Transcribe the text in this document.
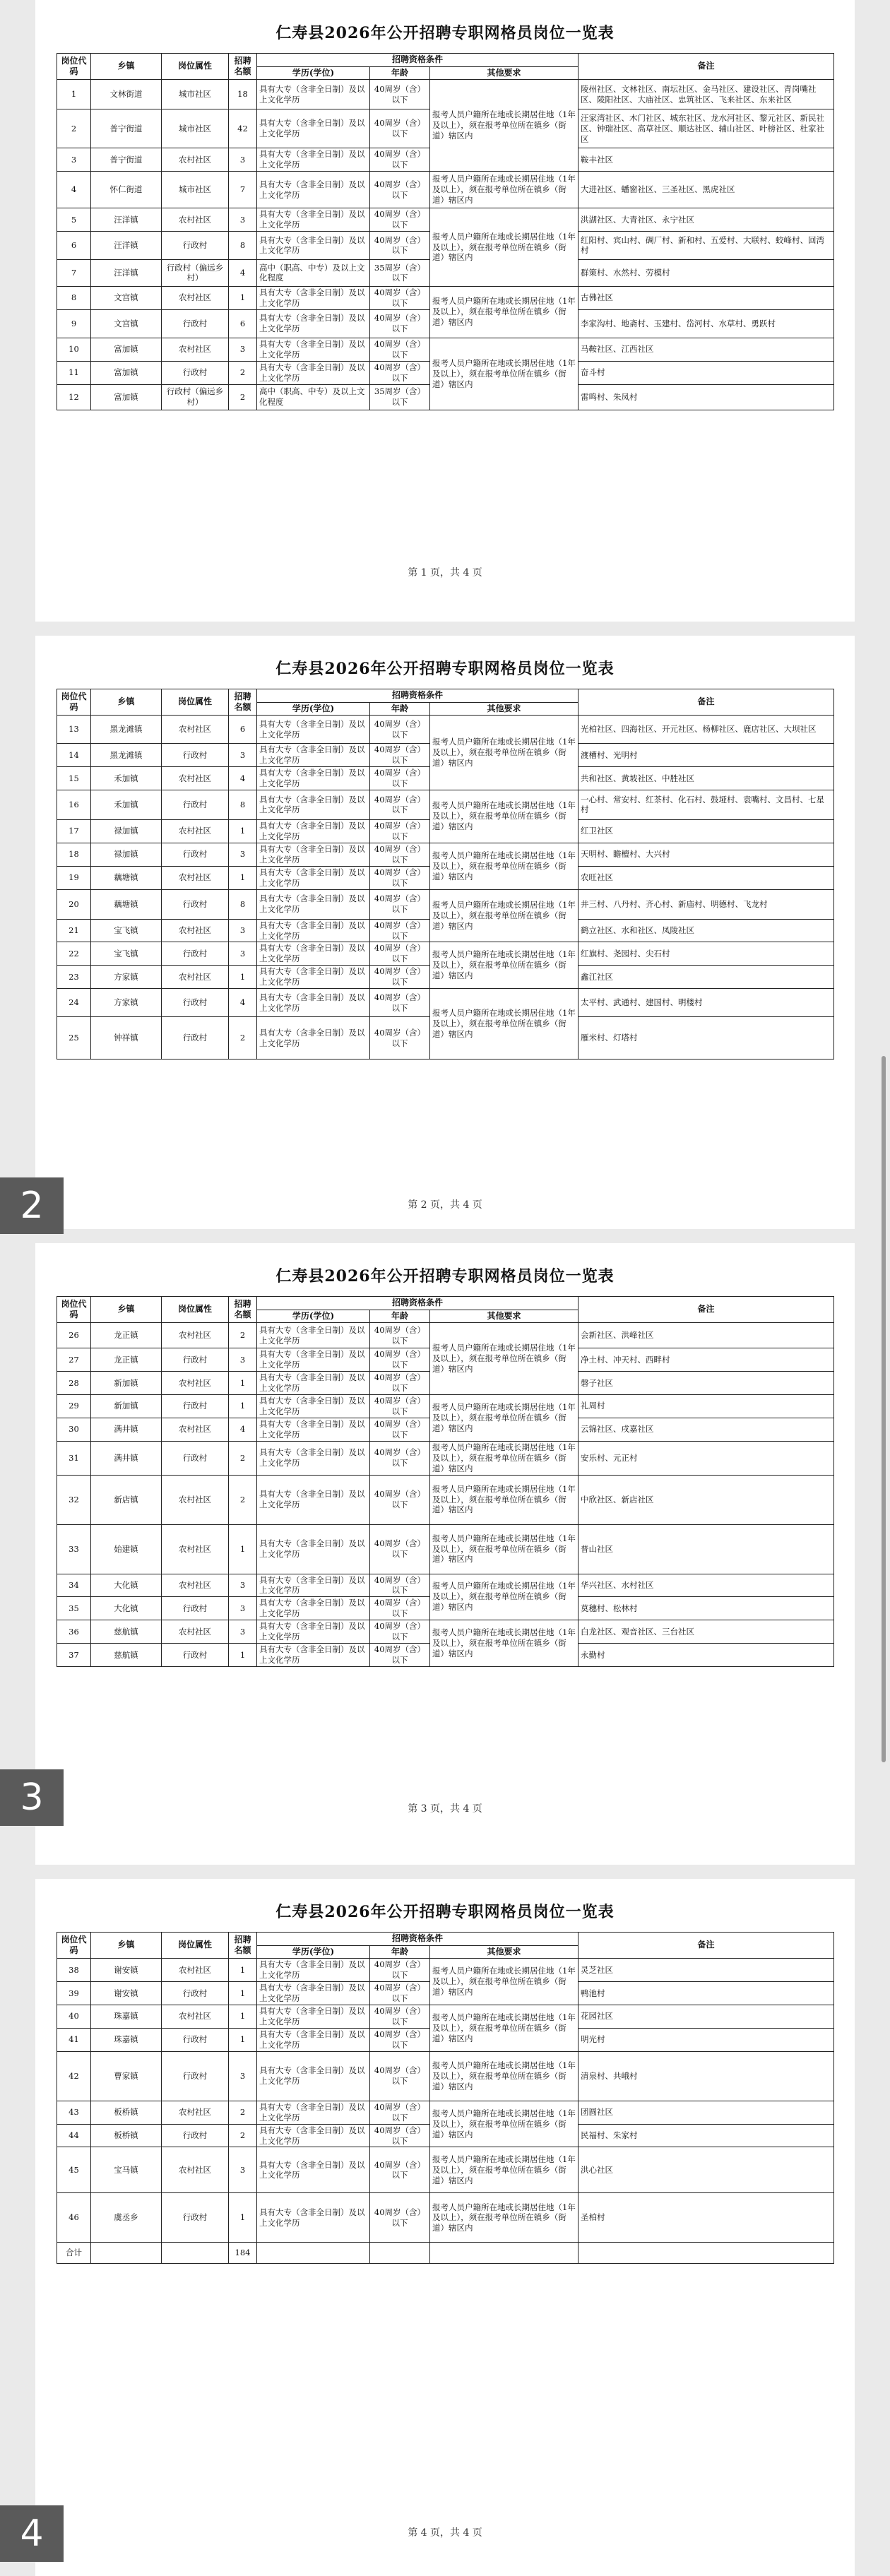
仁寿县2026年公开招聘专职网格员岗位一览表
岗位代码	乡镇	岗位属性	招聘名额	招聘资格条件			备注
				学历(学位)	年龄	其他要求	
1	文林街道	城市社区	18	具有大专（含非全日制）及以上文化学历	40周岁（含）以下	报考人员户籍所在地或长期居住地（1年及以上），须在报考单位所在镇乡（街道）辖区内	陵州社区、文林社区、南坛社区、金马社区、建设社区、青岗嘴社区、陵阳社区、大庙社区、忠筑社区、飞来社区、东来社区
2	普宁街道	城市社区	42	具有大专（含非全日制）及以上文化学历	40周岁（含）以下		汪家湾社区、木门社区、城东社区、龙水河社区、黎元社区、新民社区、钟瑞社区、高草社区、顺达社区、辅山社区、叶榜社区、杜家社区
3	普宁街道	农村社区	3	具有大专（含非全日制）及以上文化学历	40周岁（含）以下		鞍丰社区
4	怀仁街道	城市社区	7	具有大专（含非全日制）及以上文化学历	40周岁（含）以下	报考人员户籍所在地或长期居住地（1年及以上），须在报考单位所在镇乡（街道）辖区内	大进社区、蟠窗社区、三圣社区、黑虎社区
5	汪洋镇	农村社区	3	具有大专（含非全日制）及以上文化学历	40周岁（含）以下	报考人员户籍所在地或长期居住地（1年及以上），须在报考单位所在镇乡（街道）辖区内	洪湖社区、大青社区、永宁社区
6	汪洋镇	行政村	8	具有大专（含非全日制）及以上文化学历	40周岁（含）以下		红阳村、宾山村、碉厂村、新和村、五爱村、大联村、蛟峰村、回湾村
7	汪洋镇	行政村（偏远乡村）	4	高中（职高、中专）及以上文化程度	35周岁（含）以下		群策村、水然村、劳模村
8	文宫镇	农村社区	1	具有大专（含非全日制）及以上文化学历	40周岁（含）以下	报考人员户籍所在地或长期居住地（1年及以上），须在报考单位所在镇乡（街道）辖区内	古佛社区
9	文宫镇	行政村	6	具有大专（含非全日制）及以上文化学历	40周岁（含）以下		李家沟村、地斋村、玉建村、岱河村、水草村、勇跃村
10	富加镇	农村社区	3	具有大专（含非全日制）及以上文化学历	40周岁（含）以下	报考人员户籍所在地或长期居住地（1年及以上），须在报考单位所在镇乡（街道）辖区内	马鞍社区、江西社区
11	富加镇	行政村	2	具有大专（含非全日制）及以上文化学历	40周岁（含）以下		奋斗村
12	富加镇	行政村（偏远乡村）	2	高中（职高、中专）及以上文化程度	35周岁（含）以下		雷鸣村、朱凤村
第 1 页，共 4 页
仁寿县2026年公开招聘专职网格员岗位一览表
岗位代码	乡镇	岗位属性	招聘名额	招聘资格条件			备注
				学历(学位)	年龄	其他要求	
13	黑龙滩镇	农村社区	6	具有大专（含非全日制）及以上文化学历	40周岁（含）以下	报考人员户籍所在地或长期居住地（1年及以上），须在报考单位所在镇乡（街道）辖区内	光柏社区、四海社区、开元社区、杨柳社区、鹿店社区、大坝社区
14	黑龙滩镇	行政村	3	具有大专（含非全日制）及以上文化学历	40周岁（含）以下		渡槽村、光明村
15	禾加镇	农村社区	4	具有大专（含非全日制）及以上文化学历	40周岁（含）以下		共和社区、黄坡社区、中胜社区
16	禾加镇	行政村	8	具有大专（含非全日制）及以上文化学历	40周岁（含）以下	报考人员户籍所在地或长期居住地（1年及以上），须在报考单位所在镇乡（街道）辖区内	一心村、常安村、红茶村、化石村、鼓垭村、袁嘴村、文昌村、七星村
17	禄加镇	农村社区	1	具有大专（含非全日制）及以上文化学历	40周岁（含）以下		红卫社区
18	禄加镇	行政村	3	具有大专（含非全日制）及以上文化学历	40周岁（含）以下	报考人员户籍所在地或长期居住地（1年及以上），须在报考单位所在镇乡（街道）辖区内	天明村、瞻檀村、大兴村
19	藕塘镇	农村社区	1	具有大专（含非全日制）及以上文化学历	40周岁（含）以下		农旺社区
20	藕塘镇	行政村	8	具有大专（含非全日制）及以上文化学历	40周岁（含）以下	报考人员户籍所在地或长期居住地（1年及以上），须在报考单位所在镇乡（街道）辖区内	井三村、八丹村、齐心村、新庙村、明德村、飞龙村
21	宝飞镇	农村社区	3	具有大专（含非全日制）及以上文化学历	40周岁（含）以下		鹤立社区、水和社区、凤陵社区
22	宝飞镇	行政村	3	具有大专（含非全日制）及以上文化学历	40周岁（含）以下	报考人员户籍所在地或长期居住地（1年及以上），须在报考单位所在镇乡（街道）辖区内	红旗村、尧园村、尖石村
23	方家镇	农村社区	1	具有大专（含非全日制）及以上文化学历	40周岁（含）以下		鑫江社区
24	方家镇	行政村	4	具有大专（含非全日制）及以上文化学历	40周岁（含）以下	报考人员户籍所在地或长期居住地（1年及以上），须在报考单位所在镇乡（街道）辖区内	太平村、武通村、建国村、明楼村
25	钟祥镇	行政村	2	具有大专（含非全日制）及以上文化学历	40周岁（含）以下		雁米村、灯塔村
第 2 页，共 4 页
2
仁寿县2026年公开招聘专职网格员岗位一览表
岗位代码	乡镇	岗位属性	招聘名额	招聘资格条件			备注
				学历(学位)	年龄	其他要求	
26	龙正镇	农村社区	2	具有大专（含非全日制）及以上文化学历	40周岁（含）以下	报考人员户籍所在地或长期居住地（1年及以上），须在报考单位所在镇乡（街道）辖区内	会新社区、洪峰社区
27	龙正镇	行政村	3	具有大专（含非全日制）及以上文化学历	40周岁（含）以下		净土村、冲天村、西畔村
28	新加镇	农村社区	1	具有大专（含非全日制）及以上文化学历	40周岁（含）以下		磐子社区
29	新加镇	行政村	1	具有大专（含非全日制）及以上文化学历	40周岁（含）以下	报考人员户籍所在地或长期居住地（1年及以上），须在报考单位所在镇乡（街道）辖区内	礼周村
30	满井镇	农村社区	4	具有大专（含非全日制）及以上文化学历	40周岁（含）以下		云锦社区、戌嘉社区
31	满井镇	行政村	2	具有大专（含非全日制）及以上文化学历	40周岁（含）以下	报考人员户籍所在地或长期居住地（1年及以上），须在报考单位所在镇乡（街道）辖区内	安乐村、元正村
32	新店镇	农村社区	2	具有大专（含非全日制）及以上文化学历	40周岁（含）以下	报考人员户籍所在地或长期居住地（1年及以上），须在报考单位所在镇乡（街道）辖区内	中欣社区、新店社区
33	始建镇	农村社区	1	具有大专（含非全日制）及以上文化学历	40周岁（含）以下	报考人员户籍所在地或长期居住地（1年及以上），须在报考单位所在镇乡（街道）辖区内	普山社区
34	大化镇	农村社区	3	具有大专（含非全日制）及以上文化学历	40周岁（含）以下	报考人员户籍所在地或长期居住地（1年及以上），须在报考单位所在镇乡（街道）辖区内	华兴社区、水村社区
35	大化镇	行政村	3	具有大专（含非全日制）及以上文化学历	40周岁（含）以下		莫穗村、松林村
36	慈航镇	农村社区	3	具有大专（含非全日制）及以上文化学历	40周岁（含）以下	报考人员户籍所在地或长期居住地（1年及以上），须在报考单位所在镇乡（街道）辖区内	白龙社区、观音社区、三台社区
37	慈航镇	行政村	1	具有大专（含非全日制）及以上文化学历	40周岁（含）以下		永勤村
第 3 页，共 4 页
3
仁寿县2026年公开招聘专职网格员岗位一览表
岗位代码	乡镇	岗位属性	招聘名额	招聘资格条件			备注
				学历(学位)	年龄	其他要求	
38	谢安镇	农村社区	1	具有大专（含非全日制）及以上文化学历	40周岁（含）以下	报考人员户籍所在地或长期居住地（1年及以上），须在报考单位所在镇乡（街道）辖区内	灵芝社区
39	谢安镇	行政村	1	具有大专（含非全日制）及以上文化学历	40周岁（含）以下		鸭池村
40	珠嘉镇	农村社区	1	具有大专（含非全日制）及以上文化学历	40周岁（含）以下	报考人员户籍所在地或长期居住地（1年及以上），须在报考单位所在镇乡（街道）辖区内	花园社区
41	珠嘉镇	行政村	1	具有大专（含非全日制）及以上文化学历	40周岁（含）以下		明光村
42	曹家镇	行政村	3	具有大专（含非全日制）及以上文化学历	40周岁（含）以下	报考人员户籍所在地或长期居住地（1年及以上），须在报考单位所在镇乡（街道）辖区内	清泉村、共峨村
43	板桥镇	农村社区	2	具有大专（含非全日制）及以上文化学历	40周岁（含）以下	报考人员户籍所在地或长期居住地（1年及以上），须在报考单位所在镇乡（街道）辖区内	团圆社区
44	板桥镇	行政村	2	具有大专（含非全日制）及以上文化学历	40周岁（含）以下		民福村、朱家村
45	宝马镇	农村社区	3	具有大专（含非全日制）及以上文化学历	40周岁（含）以下	报考人员户籍所在地或长期居住地（1年及以上），须在报考单位所在镇乡（街道）辖区内	洪心社区
46	虞丞乡	行政村	1	具有大专（含非全日制）及以上文化学历	40周岁（含）以下	报考人员户籍所在地或长期居住地（1年及以上），须在报考单位所在镇乡（街道）辖区内	圣柏村
合计			184				
第 4 页，共 4 页
4
